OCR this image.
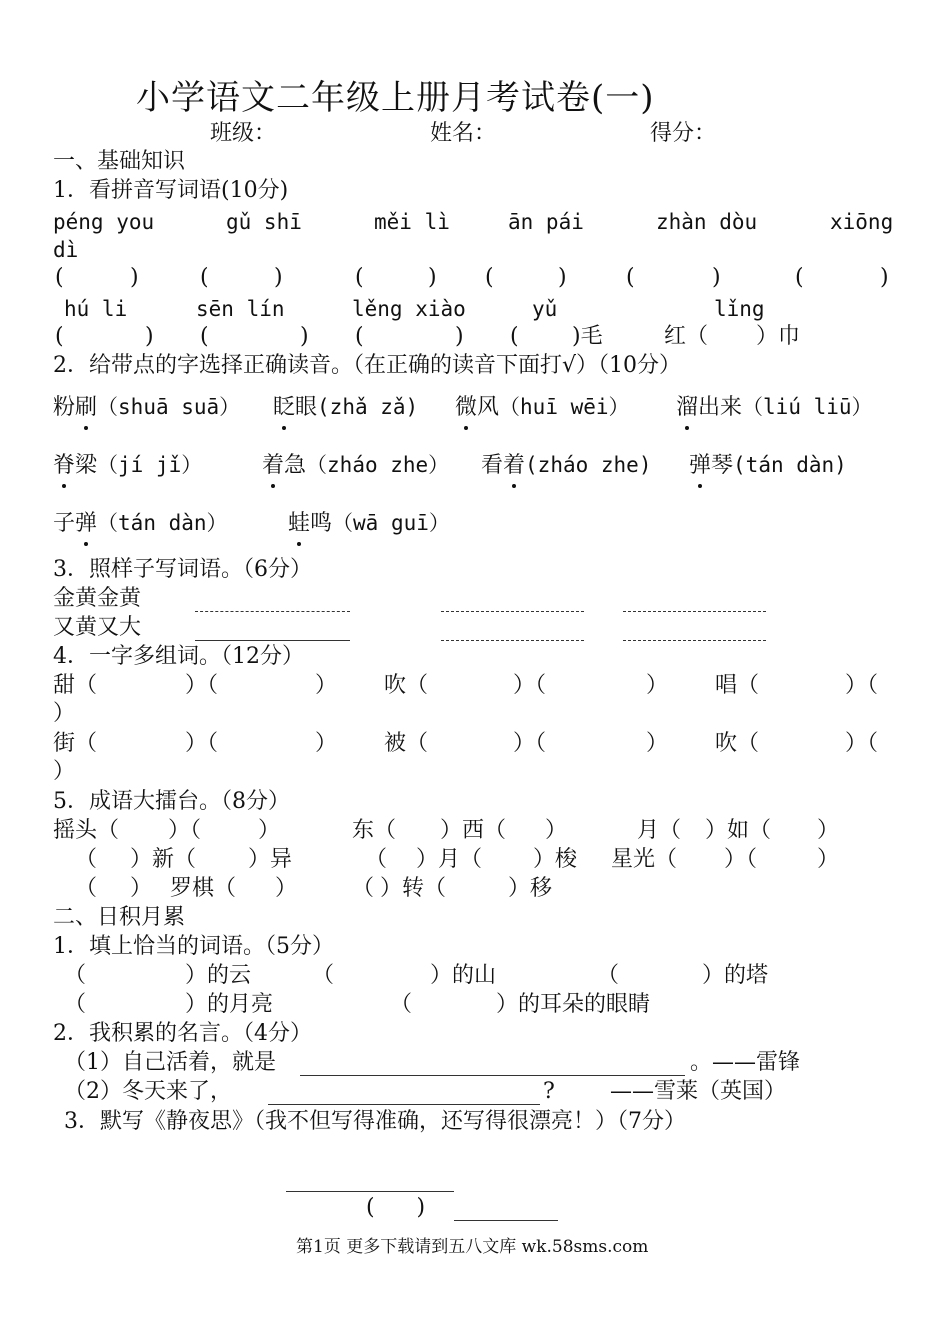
小学语文二年级上册月考试卷(一)
班级：	姓名：	得分：
一、基础知识
1．看拼音写词语(10分)
péng you	gǔ shī	měi lì	ān pái	zhàn dòu	xiōng
dì
(	)	(	)	(	) (	)	(	)	(	)
hú li	sēn lín	lěng xiào	yǔ	lǐng
(	) (	) (	) ( )毛	红（ ）巾
2．给带点的字选择正确读音。（在正确的读音下面打√）（10分）
粉刷（shuā suā） 眨眼(zhǎ zǎ) 微风（huī wēi） 溜出来（liú liū）
脊梁（jí jǐ）	着急（zháo zhe） 看着(zháo zhe) 弹琴(tán dàn)
子弹（tán dàn）	蛙鸣（wā guī）
3．照样子写词语。（6分）
金黄金黄
又黄又大
4．一字多组词。（12分）
甜（	）（	） 吹（	）（	） 唱（	）（
）
街（	）（	） 被（	）（	） 吹（	）（
）
5．成语大擂台。（8分）
摇头（ ）（	）	东（ ）西（ ）	月（ ）如（ ）
（ ）新（ ）异	（ ）月（ ）梭 星光（ ）（	）
（ ） 罗棋（ ） （ ）转（	）移
二、日积月累
1．填上恰当的词语。（5分）
（	）的云	（	）的山	（	）的塔
（	）的月亮	（	）的耳朵的眼睛
2．我积累的名言。（4分）
（1）自己活着，就是	。——雷锋
（2）冬天来了，	?	——雪莱（英国）
3．默写《静夜思》（我不但写得准确，还写得很漂亮！）（7分）
(      )
第1页 更多下载请到五八文库 wk.58sms.com
